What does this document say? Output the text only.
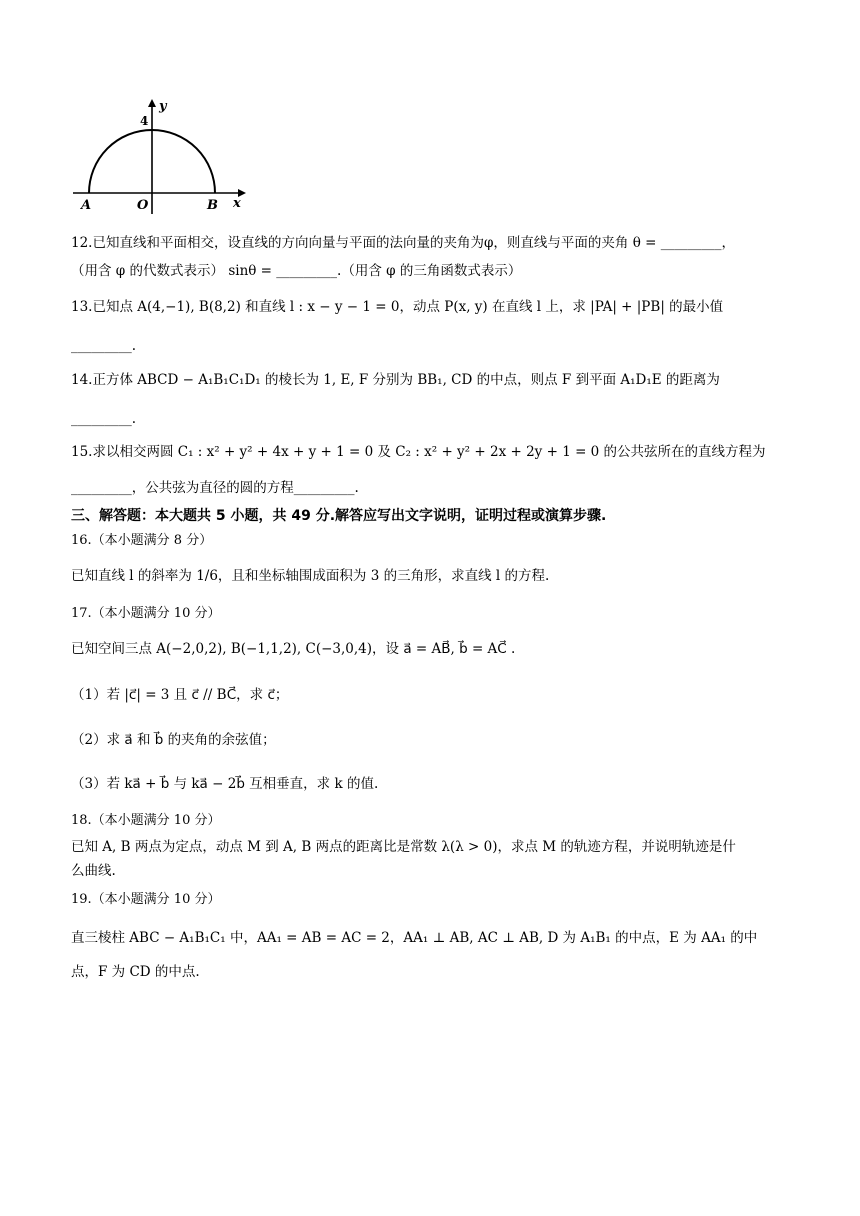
y
4
x
A	O	B
12.已知直线和平面相交，设直线的方向向量与平面的法向量的夹角为φ，则直线与平面的夹角 θ = _________，
（用含 φ 的代数式表示） sinθ = _________.（用含 φ 的三角函数式表示）
13.已知点 A(4,−1), B(8,2) 和直线 l : x − y − 1 = 0，动点 P(x, y) 在直线 l 上，求 |PA| + |PB| 的最小值
_________.
14.正方体 ABCD − A₁B₁C₁D₁ 的棱长为 1, E, F 分别为 BB₁, CD 的中点，则点 F 到平面 A₁D₁E 的距离为
_________.
15.求以相交两圆 C₁ : x² + y² + 4x + y + 1 = 0 及 C₂ : x² + y² + 2x + 2y + 1 = 0 的公共弦所在的直线方程为
_________，公共弦为直径的圆的方程_________.
三、解答题：本大题共 5 小题，共 49 分.解答应写出文字说明，证明过程或演算步骤.
16.（本小题满分 8 分）
已知直线 l 的斜率为 1/6，且和坐标轴围成面积为 3 的三角形，求直线 l 的方程.
17.（本小题满分 10 分）
已知空间三点 A(−2,0,2), B(−1,1,2), C(−3,0,4)，设 a⃗ = AB⃗, b⃗ = AC⃗ .
（1）若 |c⃗| = 3 且 c⃗ // BC⃗，求 c⃗；
（2）求 a⃗ 和 b⃗ 的夹角的余弦值；
（3）若 ka⃗ + b⃗ 与 ka⃗ − 2b⃗ 互相垂直，求 k 的值.
18.（本小题满分 10 分）
已知 A, B 两点为定点，动点 M 到 A, B 两点的距离比是常数 λ(λ > 0)，求点 M 的轨迹方程，并说明轨迹是什
么曲线.
19.（本小题满分 10 分）
直三棱柱 ABC − A₁B₁C₁ 中，AA₁ = AB = AC = 2，AA₁ ⊥ AB, AC ⊥ AB, D 为 A₁B₁ 的中点，E 为 AA₁ 的中
点，F 为 CD 的中点.
